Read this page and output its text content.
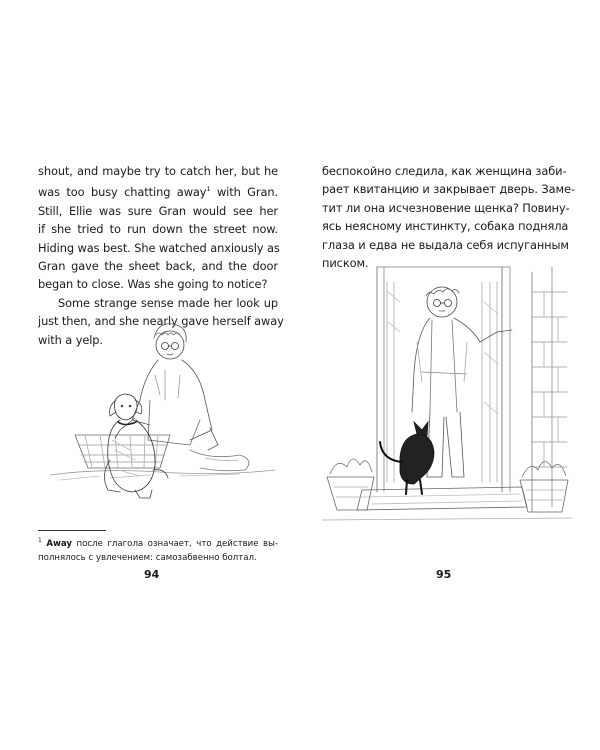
shout, and maybe try to catch her, but he
was too busy chatting away$^1$ with Gran.
Still, Ellie was sure Gran would see her
if she tried to run down the street now.
Hiding was best. She watched anxiously as
Gran gave the sheet back, and the door
began to close. Was she going to notice?
Some strange sense made her look up
just then, and she nearly gave herself away
with a yelp.
$^1$ Away после глагола означает, что действие вы-
полнялось с увлечением: самозабвенно болтал.
94
беспокойно следила, как женщина заби-
рает квитанцию и закрывает дверь. Заме-
тит ли она исчезновение щенка? Повину-
ясь неясному инстинкту, собака подняла
глаза и едва не выдала себя испуганным
писком.
95
